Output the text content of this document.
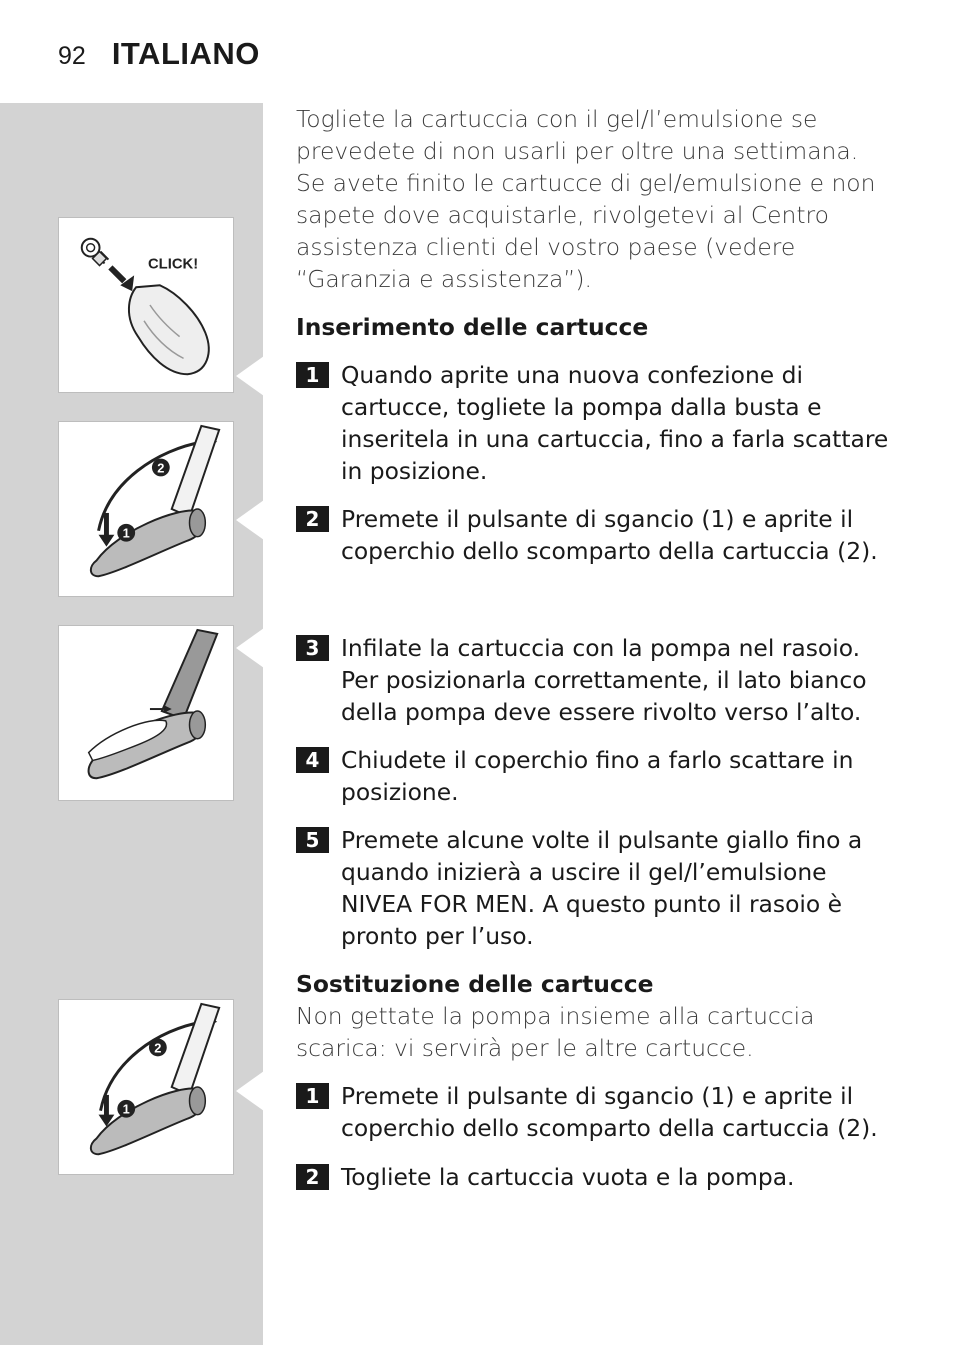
92 ITALIANO
CLICK!
2
1
2
1

Togliete la cartuccia con il gel/l’emulsione se prevedete di non usarli per oltre una settimana.

Se avete finito le cartucce di gel/emulsione e non sapete dove acquistarle, rivolgetevi al Centro assistenza clienti del vostro paese (vedere “Garanzia e assistenza”).

Inserimento delle cartucce
1 Quando aprite una nuova confezione di cartucce, togliete la pompa dalla busta e inseritela in una cartuccia, fino a farla scattare in posizione.
2 Premete il pulsante di sgancio (1) e aprite il coperchio dello scomparto della cartuccia (2).
3 Infilate la cartuccia con la pompa nel rasoio. Per posizionarla correttamente, il lato bianco della pompa deve essere rivolto verso l’alto.
4 Chiudete il coperchio fino a farlo scattare in posizione.
5 Premete alcune volte il pulsante giallo fino a quando inizierà a uscire il gel/l’emulsione NIVEA FOR MEN. A questo punto il rasoio è pronto per l’uso.
Sostituzione delle cartucce
Non gettate la pompa insieme alla cartuccia scarica: vi servirà per le altre cartucce.
1 Premete il pulsante di sgancio (1) e aprite il coperchio dello scomparto della cartuccia (2).
2 Togliete la cartuccia vuota e la pompa.
